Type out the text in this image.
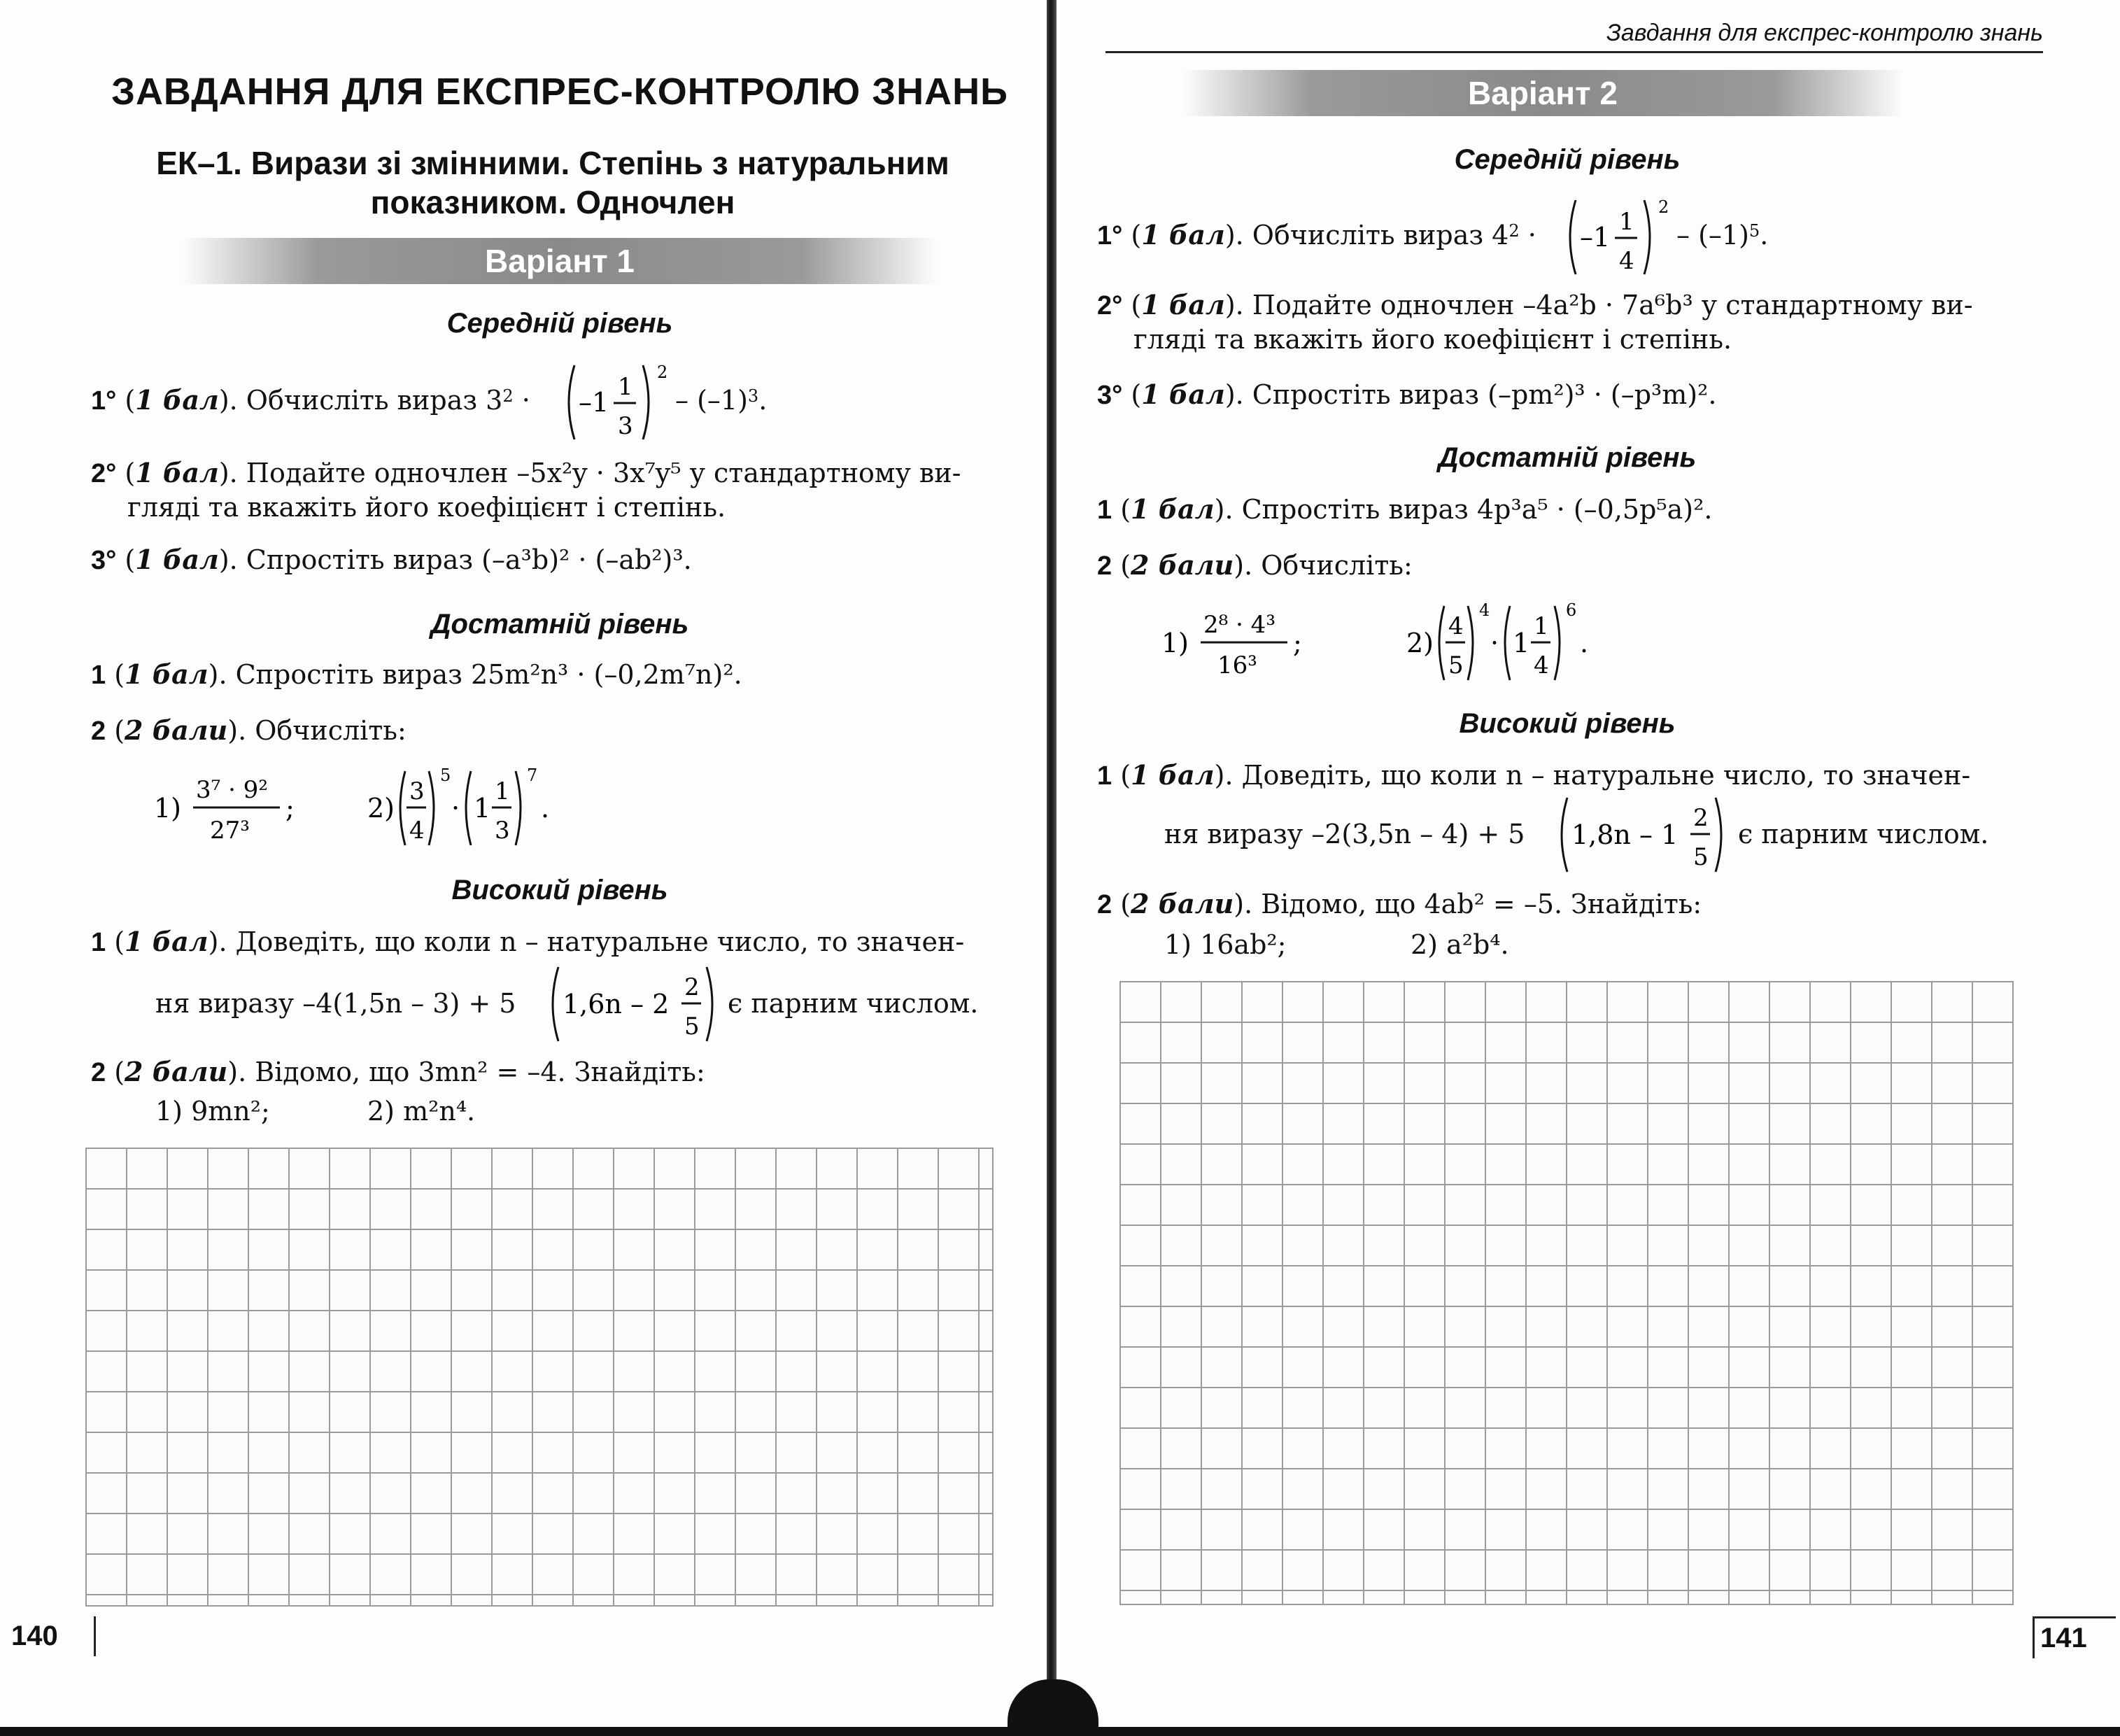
ЗАВДАННЯ ДЛЯ ЕКСПРЕС-КОНТРОЛЮ ЗНАНЬ
ЕК–1. Вирази зі змінними. Степінь з натуральним
показником. Одночлен
Варіант 1
Середній рівень
1° (1 бал). Обчисліть вираз $3^2 \cdot -1$ 1
3
2
– $(-1)^3$.
2° (1 бал). Подайте одночлен –5x²y · 3x⁷y⁵ у стандартному ви-
гляді та вкажіть його коефіцієнт і степінь.
3° (1 бал). Спростіть вираз (–a³b)² · (–ab²)³.
Достатній рівень
1 (1 бал). Спростіть вираз 25m²n³ · (–0,2m⁷n)².
2 (2 бали). Обчисліть:
1)
3⁷ · 9²
27³
;	2)
3
4
5
· 1
1
3
7
.
Високий рівень
1 (1 бал). Доведіть, що коли n – натуральне число, то значен-
ня виразу –4(1,5n – 3) + 5 1,6n – 2
2
5
є парним числом.
2 (2 бали). Відомо, що 3mn² = –4. Знайдіть:
1) 9mn²;	2) m²n⁴.
140
Завдання для експрес-контролю знань
Варіант 2
Середній рівень
1° (1 бал). Обчисліть вираз $4^2 \cdot -1$ 1
4
2
– $(-1)^5$.
2° (1 бал). Подайте одночлен –4a²b · 7a⁶b³ у стандартному ви-
гляді та вкажіть його коефіцієнт і степінь.
3° (1 бал). Спростіть вираз (–pm²)³ · (–p³m)².
Достатній рівень
1 (1 бал). Спростіть вираз 4p³a⁵ · (–0,5p⁵a)².
2 (2 бали). Обчисліть:
1)
2⁸ · 4³
16³
;	2)
4
5
4
· 1
1
4
6
.
Високий рівень
1 (1 бал). Доведіть, що коли n – натуральне число, то значен-
ня виразу –2(3,5n – 4) + 5 1,8n – 1
2
5
є парним числом.
2 (2 бали). Відомо, що 4ab² = –5. Знайдіть:
1) 16ab²;	2) a²b⁴.
141
